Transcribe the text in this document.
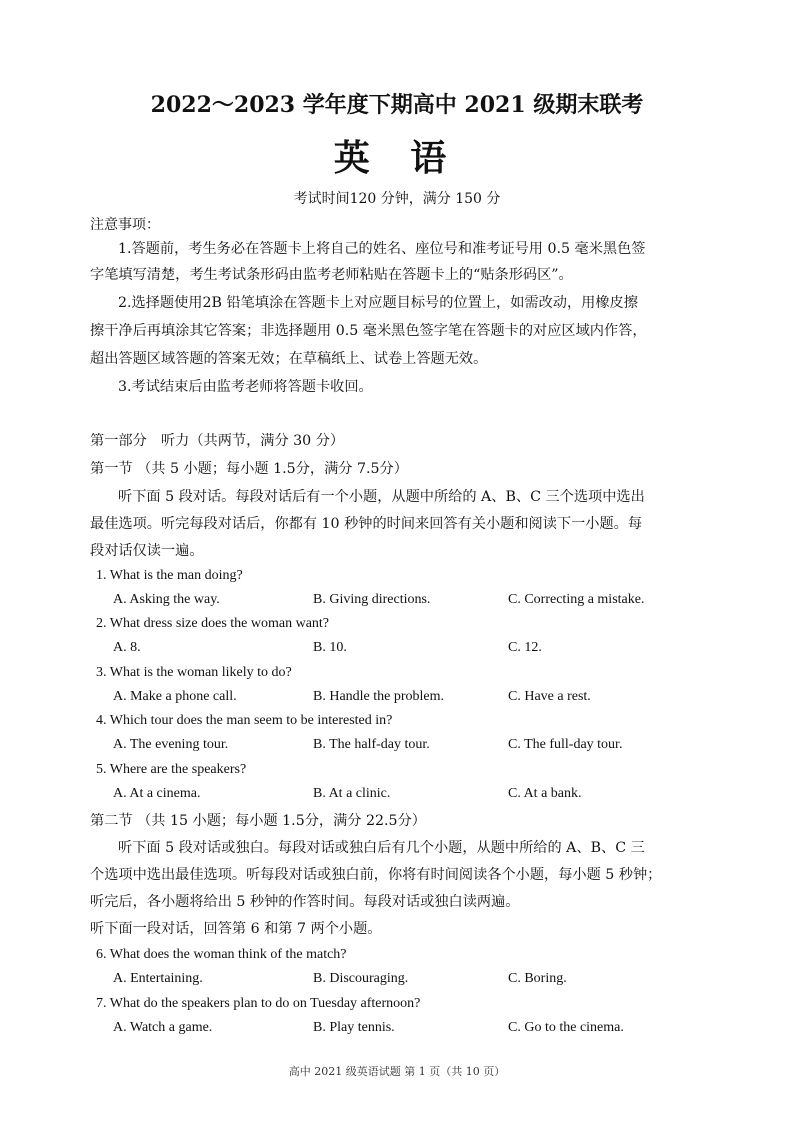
2022～2023 学年度下期高中 2021 级期末联考
英 语
考试时间120 分钟，满分 150 分
注意事项：
1.答题前，考生务必在答题卡上将自己的姓名、座位号和准考证号用 0.5 毫米黑色签
字笔填写清楚，考生考试条形码由监考老师粘贴在答题卡上的“贴条形码区”。
2.选择题使用2B 铅笔填涂在答题卡上对应题目标号的位置上，如需改动，用橡皮擦
擦干净后再填涂其它答案；非选择题用 0.5 毫米黑色签字笔在答题卡的对应区域内作答，
超出答题区域答题的答案无效；在草稿纸上、试卷上答题无效。
3.考试结束后由监考老师将答题卡收回。
第一部分　听力（共两节，满分 30 分）
第一节 （共 5 小题；每小题 1.5分，满分 7.5分）
听下面 5 段对话。每段对话后有一个小题，从题中所给的 A、B、C 三个选项中选出
最佳选项。听完每段对话后，你都有 10 秒钟的时间来回答有关小题和阅读下一小题。每
段对话仅读一遍。
1. What is the man doing?
A. Asking the way.	B. Giving directions.	C. Correcting a mistake.
2. What dress size does the woman want?
A. 8.	B. 10.	C. 12.
3. What is the woman likely to do?
A. Make a phone call.	B. Handle the problem.	C. Have a rest.
4. Which tour does the man seem to be interested in?
A. The evening tour.	B. The half-day tour.	C. The full-day tour.
5. Where are the speakers?
A. At a cinema.	B. At a clinic.	C. At a bank.
第二节 （共 15 小题；每小题 1.5分，满分 22.5分）
听下面 5 段对话或独白。每段对话或独白后有几个小题，从题中所给的 A、B、C 三
个选项中选出最佳选项。听每段对话或独白前，你将有时间阅读各个小题，每小题 5 秒钟；
听完后，各小题将给出 5 秒钟的作答时间。每段对话或独白读两遍。
听下面一段对话，回答第 6 和第 7 两个小题。
6. What does the woman think of the match?
A. Entertaining.	B. Discouraging.	C. Boring.
7. What do the speakers plan to do on Tuesday afternoon?
A. Watch a game.	B. Play tennis.	C. Go to the cinema.
高中 2021 级英语试题 第 1 页（共 10 页）
